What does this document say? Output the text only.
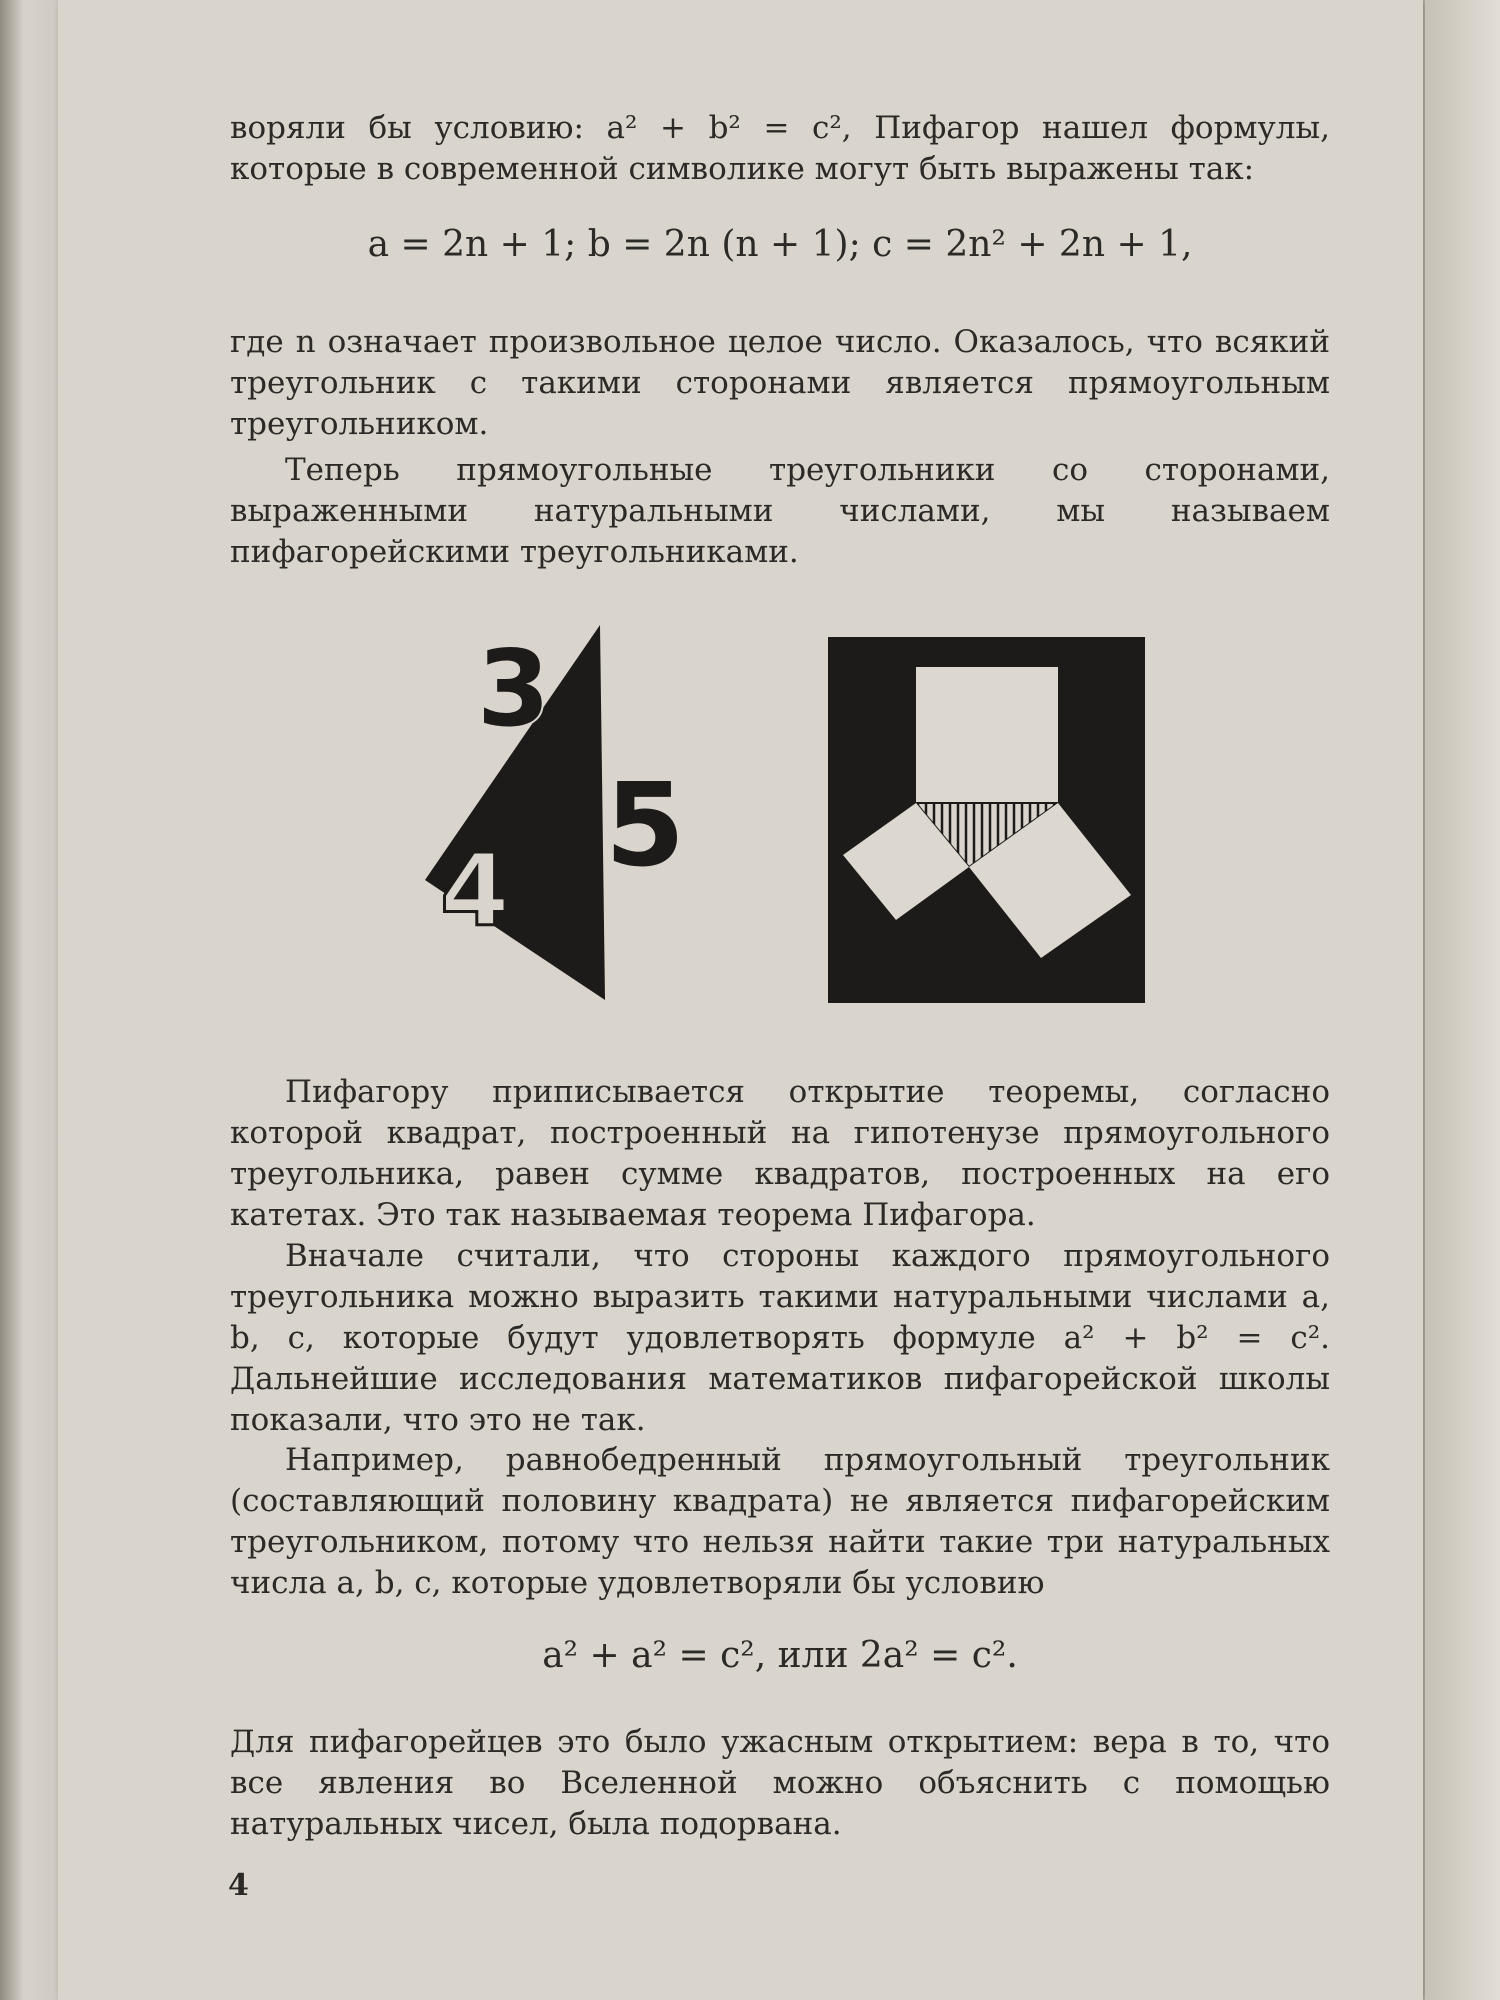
воряли бы условию: a² + b² = c², Пифагор нашел формулы, которые в современной символике могут быть выражены так:

a = 2n + 1; b = 2n (n + 1); c = 2n² + 2n + 1,

где n означает произвольное целое число. Оказалось, что всякий треугольник с такими сторонами является прямоугольным треугольником.

Теперь прямоугольные треугольники со сторонами, выраженными натуральными числами, мы называем пифагорейскими треугольниками.

3
5
4

Пифагору приписывается открытие теоремы, согласно которой квадрат, построенный на гипотенузе прямоугольного треугольника, равен сумме квадратов, построенных на его катетах. Это так называемая теорема Пифагора.

Вначале считали, что стороны каждого прямоугольного треугольника можно выразить такими натуральными числами a, b, c, которые будут удовлетворять формуле a² + b² = c². Дальнейшие исследования математиков пифагорейской школы показали, что это не так.

Например, равнобедренный прямоугольный треугольник (составляющий половину квадрата) не является пифагорейским треугольником, потому что нельзя найти такие три натуральных числа a, b, c, которые удовлетворяли бы условию

a² + a² = c², или 2a² = c².

Для пифагорейцев это было ужасным открытием: вера в то, что все явления во Вселенной можно объяснить с помощью натуральных чисел, была подорвана.

4
